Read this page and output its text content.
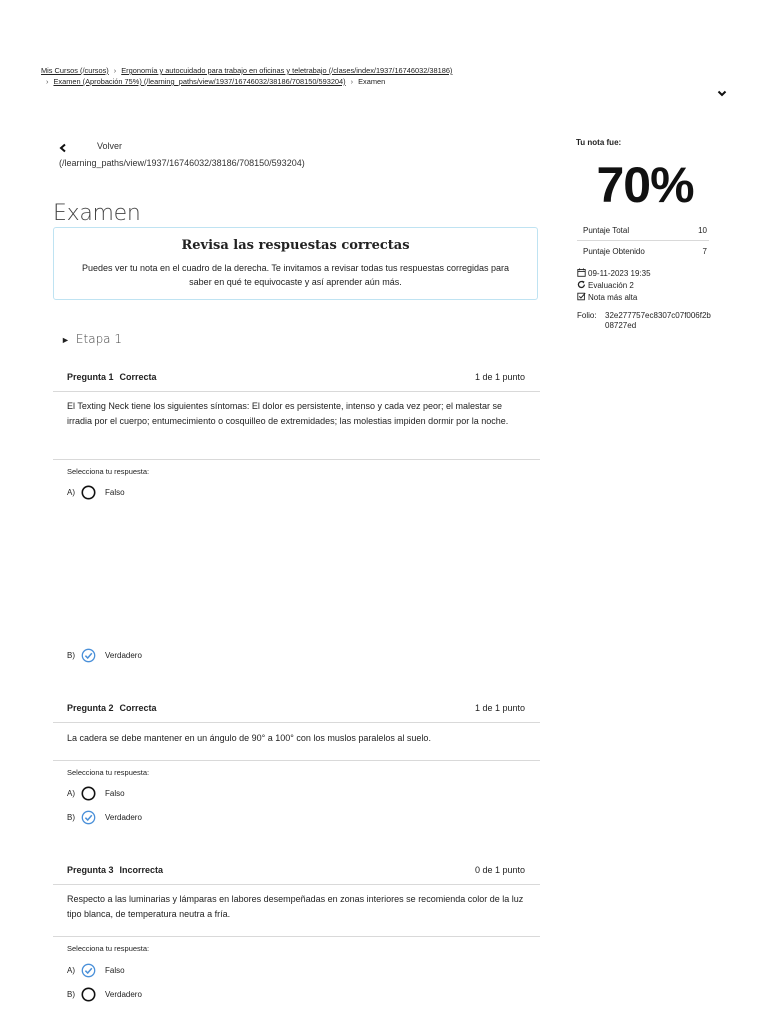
Mis Cursos (/cursos) › Ergonomía y autocuidado para trabajo en oficinas y teletrabajo (/clases/index/1937/16746032/38186)
› Examen (Aprobación 75%) (/learning_paths/view/1937/16746032/38186/708150/593204) › Examen
Volver
(/learning_paths/view/1937/16746032/38186/708150/593204)
Examen
Revisa las respuestas correctas
Puedes ver tu nota en el cuadro de la derecha. Te invitamos a revisar todas tus respuestas corregidas para saber en qué te equivocaste y así aprender aún más.
► Etapa 1
Pregunta 1 Correcta	1 de 1 punto
El Texting Neck tiene los siguientes síntomas: El dolor es persistente, intenso y cada vez peor; el malestar se irradia por el cuerpo; entumecimiento o cosquilleo de extremidades; las molestias impiden dormir por la noche.
Selecciona tu respuesta:
A)	Falso
B)	Verdadero
Pregunta 2 Correcta	1 de 1 punto
La cadera se debe mantener en un ángulo de 90° a 100° con los muslos paralelos al suelo.
Selecciona tu respuesta:
A)	Falso
B)	Verdadero
Pregunta 3 Incorrecta	0 de 1 punto
Respecto a las luminarias y lámparas en labores desempeñadas en zonas interiores se recomienda color de la luz tipo blanca, de temperatura neutra a fría.
Selecciona tu respuesta:
A)	Falso
B)	Verdadero
Tu nota fue:
70%
Puntaje Total	10
Puntaje Obtenido	7
09-11-2023 19:35
Evaluación 2
Nota más alta
Folio:	32e277757ec8307c07f006f2b08727ed
